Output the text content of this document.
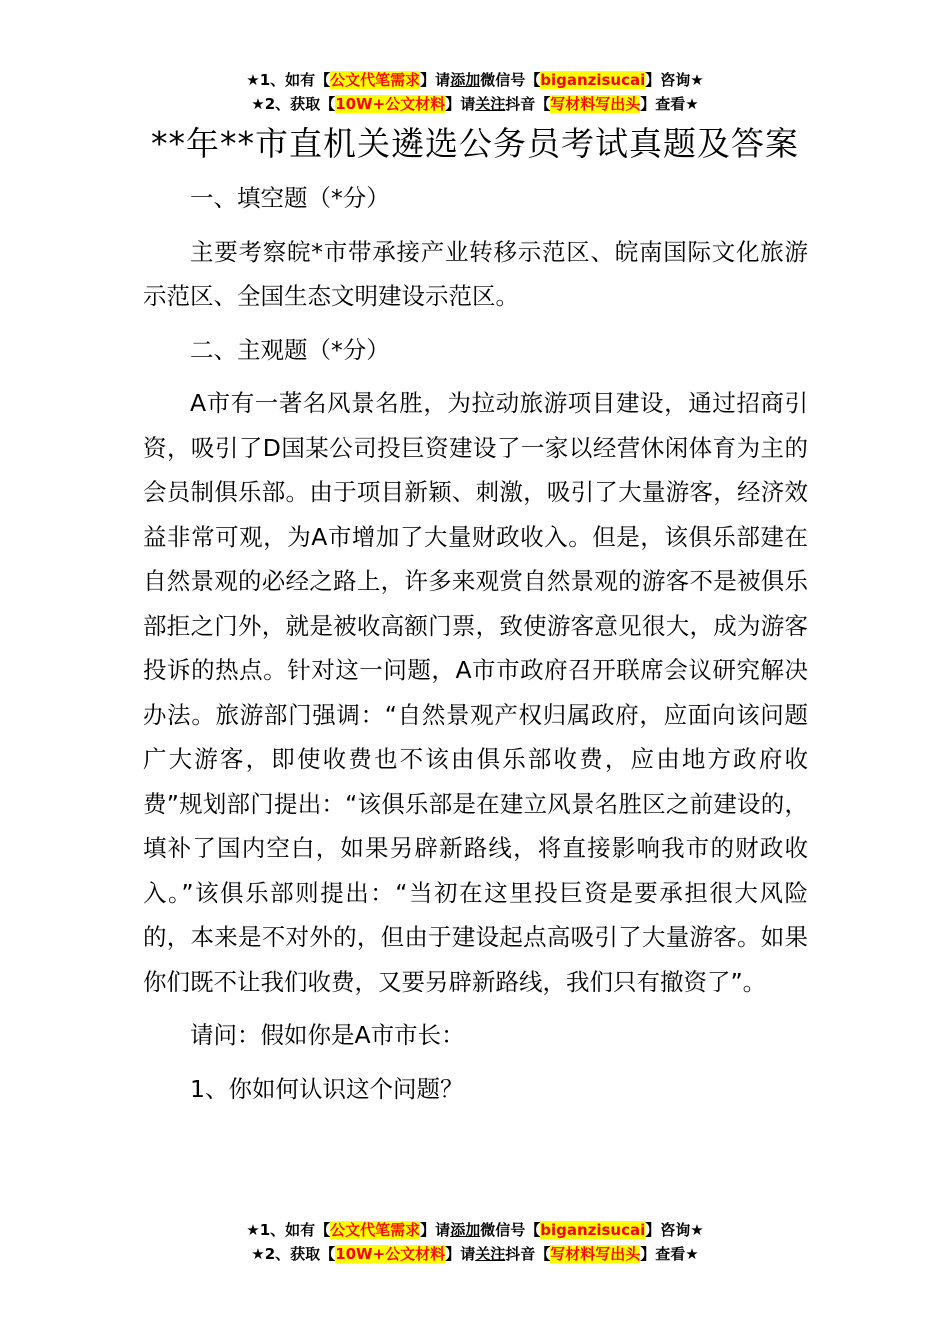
★1、如有【公文代笔需求】请添加微信号【biganzisucai】咨询★
★2、获取【10W+公文材料】请关注抖音【写材料写出头】查看★
**年**市直机关遴选公务员考试真题及答案

一、填空题（*分）

主要考察皖*市带承接产业转移示范区、皖南国际文化旅游示范区、全国生态文明建设示范区。

二、主观题（*分）

A市有一著名风景名胜，为拉动旅游项目建设，通过招商引资，吸引了D国某公司投巨资建设了一家以经营休闲体育为主的会员制俱乐部。由于项目新颖、刺激，吸引了大量游客，经济效益非常可观，为A市增加了大量财政收入。但是，该俱乐部建在自然景观的必经之路上，许多来观赏自然景观的游客不是被俱乐部拒之门外，就是被收高额门票，致使游客意见很大，成为游客投诉的热点。针对这一问题，A市市政府召开联席会议研究解决办法。旅游部门强调：“自然景观产权归属政府，应面向该问题广大游客，即使收费也不该由俱乐部收费，应由地方政府收费”规划部门提出：“该俱乐部是在建立风景名胜区之前建设的，填补了国内空白，如果另辟新路线，将直接影响我市的财政收入。”该俱乐部则提出：“当初在这里投巨资是要承担很大风险的，本来是不对外的，但由于建设起点高吸引了大量游客。如果你们既不让我们收费，又要另辟新路线，我们只有撤资了”。

请问：假如你是A市市长：

1、你如何认识这个问题？

★1、如有【公文代笔需求】请添加微信号【biganzisucai】咨询★
★2、获取【10W+公文材料】请关注抖音【写材料写出头】查看★
